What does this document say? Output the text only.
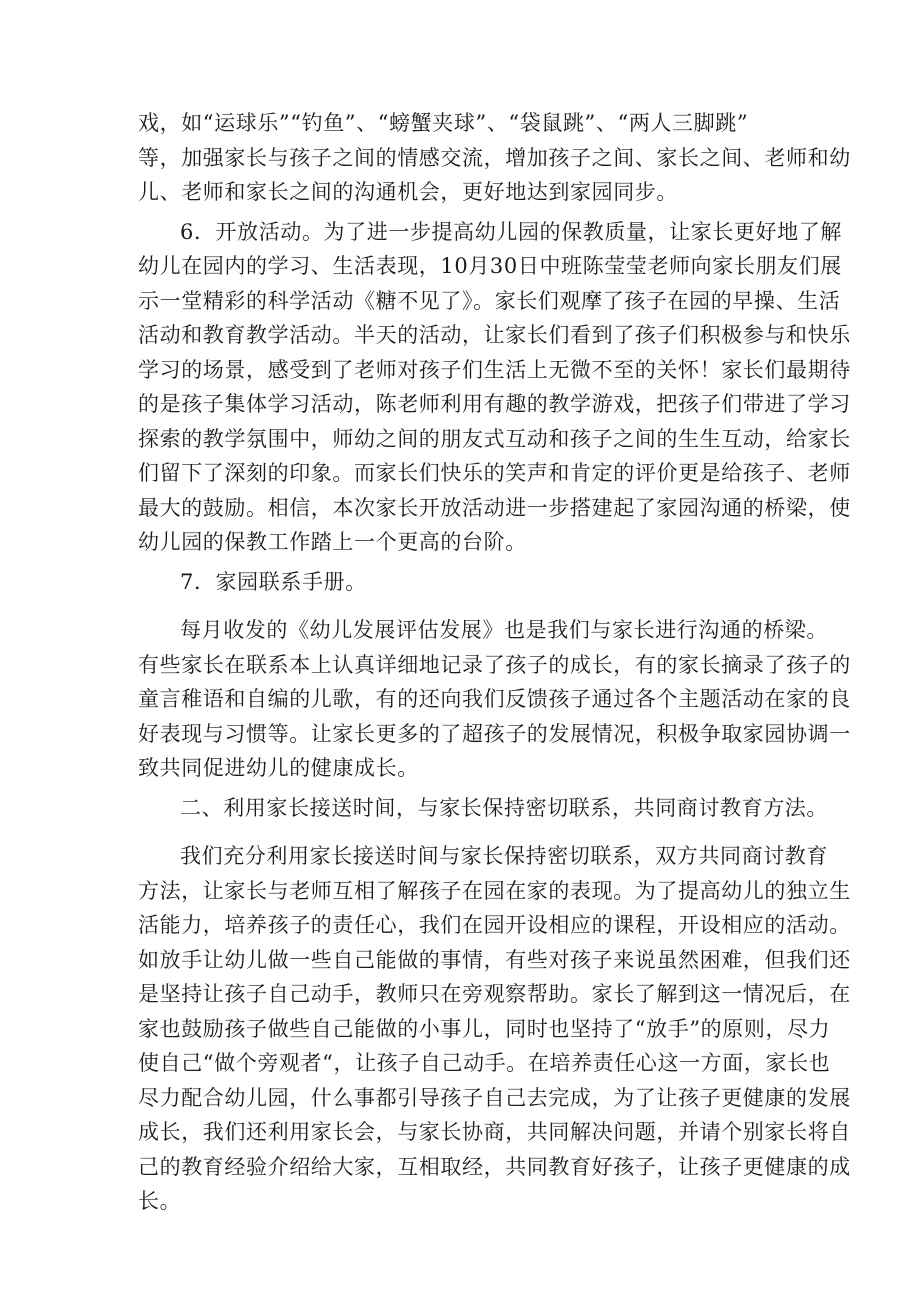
戏，如“运球乐”“钓鱼”、“螃蟹夹球”、“袋鼠跳”、“两人三脚跳”
等，加强家长与孩子之间的情感交流，增加孩子之间、家长之间、老师和幼
儿、老师和家长之间的沟通机会，更好地达到家园同步。
6．开放活动。为了进一步提高幼儿园的保教质量，让家长更好地了解
幼儿在园内的学习、生活表现，10月30日中班陈莹莹老师向家长朋友们展
示一堂精彩的科学活动《糖不见了》。家长们观摩了孩子在园的早操、生活
活动和教育教学活动。半天的活动，让家长们看到了孩子们积极参与和快乐
学习的场景，感受到了老师对孩子们生活上无微不至的关怀！家长们最期待
的是孩子集体学习活动，陈老师利用有趣的教学游戏，把孩子们带进了学习
探索的教学氛围中，师幼之间的朋友式互动和孩子之间的生生互动，给家长
们留下了深刻的印象。而家长们快乐的笑声和肯定的评价更是给孩子、老师
最大的鼓励。相信，本次家长开放活动进一步搭建起了家园沟通的桥梁，使
幼儿园的保教工作踏上一个更高的台阶。
7．家园联系手册。
每月收发的《幼儿发展评估发展》也是我们与家长进行沟通的桥梁。
有些家长在联系本上认真详细地记录了孩子的成长，有的家长摘录了孩子的
童言稚语和自编的儿歌，有的还向我们反馈孩子通过各个主题活动在家的良
好表现与习惯等。让家长更多的了超孩子的发展情况，积极争取家园协调一
致共同促进幼儿的健康成长。
二、利用家长接送时间，与家长保持密切联系，共同商讨教育方法。
我们充分利用家长接送时间与家长保持密切联系，双方共同商讨教育
方法，让家长与老师互相了解孩子在园在家的表现。为了提高幼儿的独立生
活能力，培养孩子的责任心，我们在园开设相应的课程，开设相应的活动。
如放手让幼儿做一些自己能做的事情，有些对孩子来说虽然困难，但我们还
是坚持让孩子自己动手，教师只在旁观察帮助。家长了解到这一情况后，在
家也鼓励孩子做些自己能做的小事儿，同时也坚持了“放手”的原则，尽力
使自己“做个旁观者“，让孩子自己动手。在培养责任心这一方面，家长也
尽力配合幼儿园，什么事都引导孩子自己去完成，为了让孩子更健康的发展
成长，我们还利用家长会，与家长协商，共同解决问题，并请个别家长将自
己的教育经验介绍给大家，互相取经，共同教育好孩子，让孩子更健康的成
长。
